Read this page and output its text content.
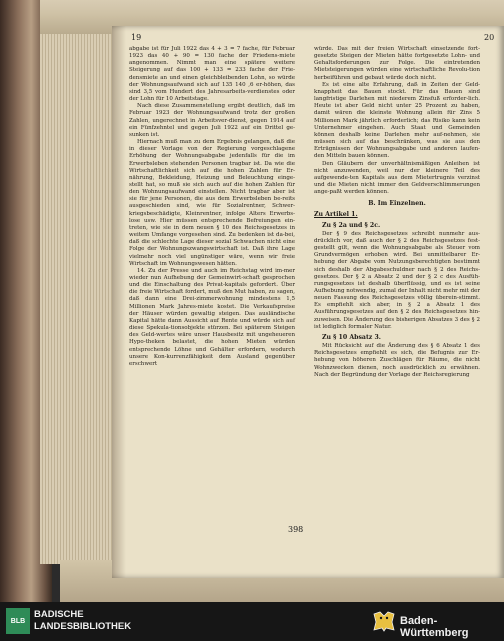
19	20

abgabe ist für Juli 1922 das 4 + 3 = 7 fache, für Februar 1923 das 40 + 90 = 130 fache der Friedens-miete angenommen. Nimmt man eine spätere weitere Steigerung auf das 100 + 133 = 233 fache der Frie-densmiete an und einen gleichbleibenden Lohn, so würde der Wohnungsaufwand sich auf 135 140 ,6 er-höhen, das sind 3,5 vom Hundert des Jahresarbeits-verdienstes oder der Lohn für 10 Arbeitstage.

Nach diese Zusammenstellung ergibt deutlich, daß im Februar 1923 der Wohnungsaufwand trotz der großen Zahlen, ungerechnet in Arbeitsver-dienst, gegen 1914 auf ein Fünfzehntel und gegen Juli 1922 auf ein Drittel ge-sunken ist.

Hiernach muß man zu dem Ergebnis gelangen, daß die in dieser Vorlage von der Regierung vorgeschlagene Erhöhung der Wohnungsabgabe jedenfalls für die im Erwerbsleben stehenden Personen tragbar ist. Da wie die Wirtschaftlichkeit sich auf die hohen Zahlen für Er-nährung, Bekleidung, Heizung und Beleuchtung einge-stellt hat, so muß sie sich auch auf die hohen Zahlen für den Wohnungsaufwand einstellen. Nicht tragbar aber ist sie für jene Personen, die aus dem Erwerbsleben be-reits ausgeschieden sind, wie für Sozialrentner, Schwer-kriegsbeschädigte, Kleinrentner, infolge Alters Erwerbs-lose usw. Hier müssen entsprechende Befreiungen ein-treten, wie sie in dem neuen § 10 des Reichsgesetzes in weitem Umfange vorgesehen sind. Zu bedenken ist da-bei, daß die schlechte Lage dieser sozial Schwachen nicht eine Folge der Wohnungszwangswirtschaft ist. Daß ihre Lage vielmehr noch viel ungünstiger wäre, wenn wir freie Wirtschaft im Wohnungswesen hätten.

14. Zu der Presse und auch im Reichstag wird im-mer wieder nun Aufhebung der Gemeinwirt-schaft gesprochen und die Einschaltung des Privat-kapitals gefordert. Über die freie Wirtschaft fordert, muß den Mut haben, zu sagen, daß dann eine Drei-zimmerwohnung mindestens 1,5 Millionen Mark Jahres-miete kostet. Die Verkaufspreise der Häuser würden gewaltig steigen. Das ausländische Kapital hätte dann Aussicht auf Rente und würde sich auf diese Spekula-tionsobjekte stürzen. Bei späterem Steigen des Geld-wertes wäre unser Hausbesitz mit ungeheueren Hypo-theken belastet, die hohen Mieten würden entsprechende Löhne und Gehälter erfordern, wodurch unsere Kon-kurrenzfähigkeit dem Ausland gegenüber erschwert

würde. Das mit der freien Wirtschaft einsetzende fort-gesetzte Steigen der Mieten hätte fortgesetzte Lohn- und Gehaltsforderungen zur Folge. Die eintretenden Mietsteigerungen würden eine wirtschaftliche Revolu-tion herbeiführen und gebaut würde doch nicht.

Es ist eine alte Erfahrung, daß in Zeiten der Geld-knappheit das Bauen stockt. Für das Bauen sind langfristige Darlehen mit niederem Zinsfuß erforder-lich. Heute ist aber Geld nicht unter 25 Prozent zu haben, damit wären die kleinste Wohnung allein für Zins 5 Millionen Mark jährlich erforderlich; das Risiko kann kein Unternehmer eingehen. Auch Staat und Gemeinden können deshalb keine Darlehen mehr auf-nehmen, sie müssen sich auf das beschränken, was sie aus den Erträgnissen der Wohnungsabgabe und anderen laufen-den Mitteln bauen können.

Den Gläubern der unverhältnismäßigen Anleihen ist nicht anzuwenden, weil nur der kleinere Teil des aufgewende-ten Kapitals aus dem Mietertrugnis verzinst und die Mieten nicht immer den Geldverschlimmerungen ange-paßt werden können.

B. Im Einzelnen.
Zu Artikel 1.
Zu § 2a und § 2c.

Der § 9 des Reichsgesetzes schreibt nunmehr aus-drücklich vor, daß auch der § 2 des Reichsgesetzes fest-gestellt gilt, wenn die Wohnungsabgabe als Steuer vom Grundvermögen erhoben wird. Bei unmittelbarer Er-hebung der Abgabe vom Nutzungsberechtigten bestimmt sich deshalb der Abgabeschuldner nach § 2 des Reichs-gesetzes. Der § 2 a Absatz 2 und der § 2 c des Ausfüh-rungsgesetzes ist deshalb überflüssig, und es ist seine Aufhebung notwendig, zumal der Inhalt nicht mehr mit der neuen Fassung des Reichsgesetzes völlig überein-stimmt. Es empfiehlt sich aber, in § 2 a Absatz 1 des Ausführungsgesetzes auf den § 2 des Reichsgesetzes hin-zuweisen. Die Änderung des bisherigen Absatzes 3 des § 2 ist lediglich formaler Natur.

Zu § 10 Absatz 3.

Mit Rücksicht auf die Änderung des § 6 Absatz 1 des Reichsgesetzes empfiehlt es sich, die Befugnis zur Er-hebung von höheren Zuschlägen für Räume, die nicht Wohnzwecken dienen, noch ausdrücklich zu erwähnen. Nach der Begründung der Vorlage der Reichsregierung

398
BLB
BADISCHE
LANDESBIBLIOTHEK	Baden-Württemberg
